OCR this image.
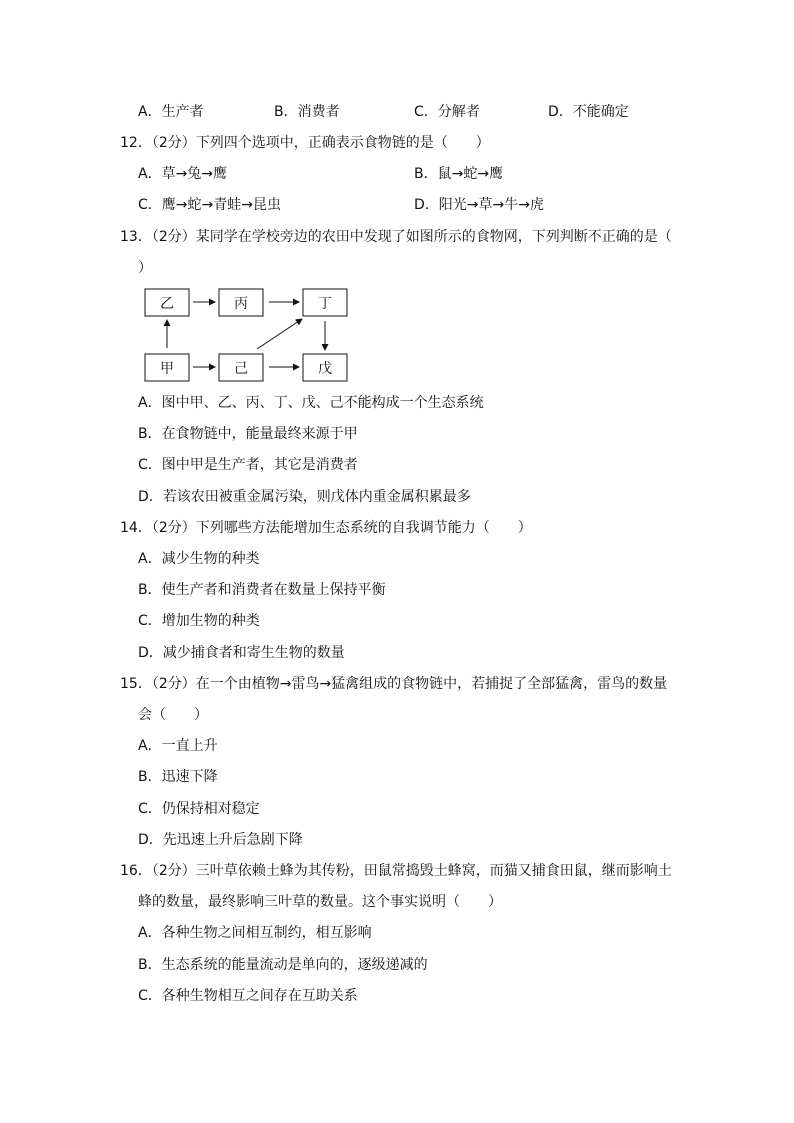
A．生产者	B．消费者	C．分解者	D．不能确定
12．（2分）下列四个选项中，正确表示食物链的是（　　）
A．草→兔→鹰	B．鼠→蛇→鹰
C．鹰→蛇→青蛙→昆虫	D．阳光→草→牛→虎
13．（2分）某同学在学校旁边的农田中发现了如图所示的食物网，下列判断不正确的是（
）
乙	丙	丁
甲	己	戊
A．图中甲、乙、丙、丁、戊、己不能构成一个生态系统
B．在食物链中，能量最终来源于甲
C．图中甲是生产者，其它是消费者
D．若该农田被重金属污染，则戊体内重金属积累最多
14．（2分）下列哪些方法能增加生态系统的自我调节能力（　　）
A．减少生物的种类
B．使生产者和消费者在数量上保持平衡
C．增加生物的种类
D．减少捕食者和寄生生物的数量
15．（2分）在一个由植物→雷鸟→猛禽组成的食物链中，若捕捉了全部猛禽，雷鸟的数量
会（　　）
A．一直上升
B．迅速下降
C．仍保持相对稳定
D．先迅速上升后急剧下降
16．（2分）三叶草依赖土蜂为其传粉，田鼠常捣毁土蜂窝，而猫又捕食田鼠，继而影响土
蜂的数量，最终影响三叶草的数量。这个事实说明（　　）
A．各种生物之间相互制约，相互影响
B．生态系统的能量流动是单向的，逐级递减的
C．各种生物相互之间存在互助关系
